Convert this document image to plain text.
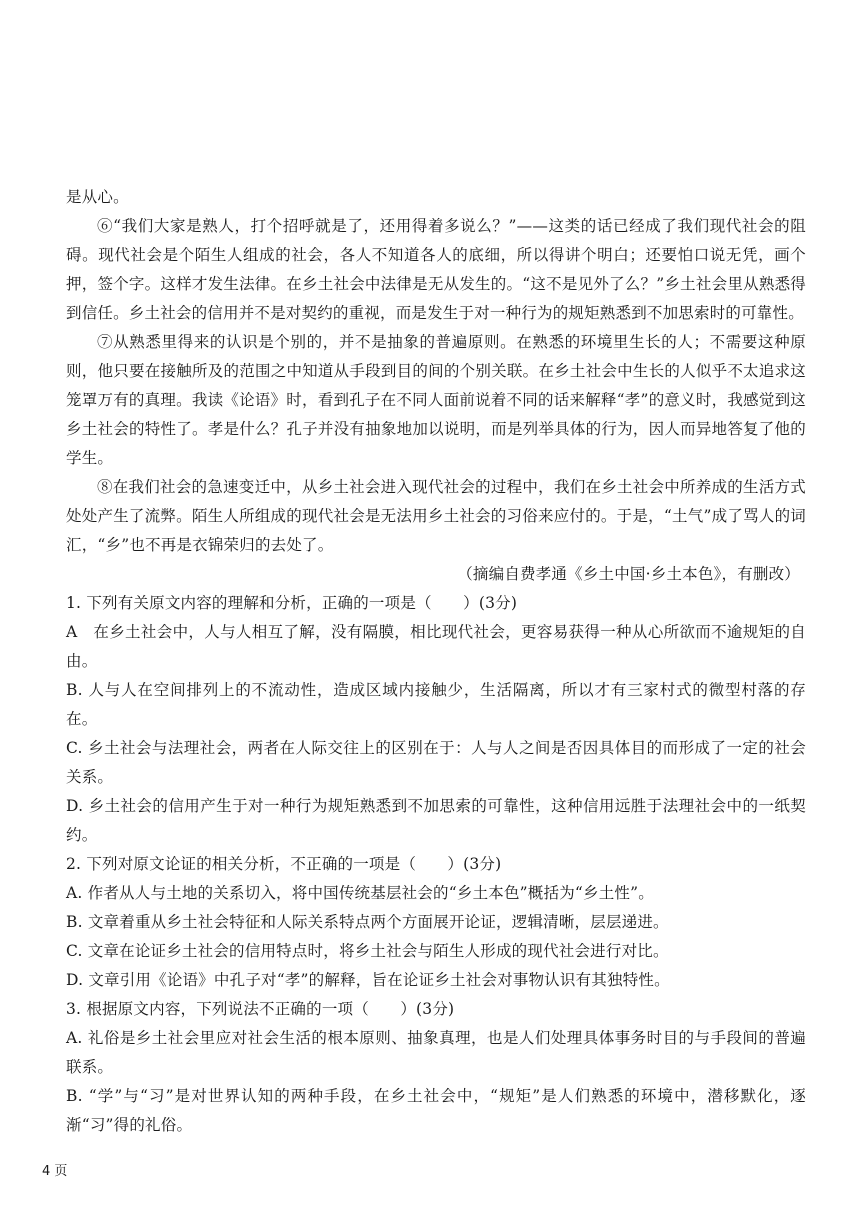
是从心。

⑥“我们大家是熟人，打个招呼就是了，还用得着多说么？”——这类的话已经成了我们现代社会的阻碍。现代社会是个陌生人组成的社会，各人不知道各人的底细，所以得讲个明白；还要怕口说无凭，画个押，签个字。这样才发生法律。在乡土社会中法律是无从发生的。“这不是见外了么？”乡土社会里从熟悉得到信任。乡土社会的信用并不是对契约的重视，而是发生于对一种行为的规矩熟悉到不加思索时的可靠性。

⑦从熟悉里得来的认识是个别的，并不是抽象的普遍原则。在熟悉的环境里生长的人；不需要这种原则，他只要在接触所及的范围之中知道从手段到目的间的个别关联。在乡土社会中生长的人似乎不太追求这笼罩万有的真理。我读《论语》时，看到孔子在不同人面前说着不同的话来解释“孝”的意义时，我感觉到这乡土社会的特性了。孝是什么？孔子并没有抽象地加以说明，而是列举具体的行为，因人而异地答复了他的学生。

⑧在我们社会的急速变迁中，从乡土社会进入现代社会的过程中，我们在乡土社会中所养成的生活方式处处产生了流弊。陌生人所组成的现代社会是无法用乡土社会的习俗来应付的。于是，“土气”成了骂人的词汇，“乡”也不再是衣锦荣归的去处了。

（摘编自费孝通《乡土中国·乡土本色》，有删改）

1. 下列有关原文内容的理解和分析，正确的一项是（　　）(3分)

A　在乡土社会中，人与人相互了解，没有隔膜，相比现代社会，更容易获得一种从心所欲而不逾规矩的自由。

B. 人与人在空间排列上的不流动性，造成区域内接触少，生活隔离，所以才有三家村式的微型村落的存在。

C. 乡土社会与法理社会，两者在人际交往上的区别在于：人与人之间是否因具体目的而形成了一定的社会关系。

D. 乡土社会的信用产生于对一种行为规矩熟悉到不加思索的可靠性，这种信用远胜于法理社会中的一纸契约。

2. 下列对原文论证的相关分析，不正确的一项是（　　）(3分)

A. 作者从人与土地的关系切入，将中国传统基层社会的“乡土本色”概括为“乡土性”。

B. 文章着重从乡土社会特征和人际关系特点两个方面展开论证，逻辑清晰，层层递进。

C. 文章在论证乡土社会的信用特点时，将乡土社会与陌生人形成的现代社会进行对比。

D. 文章引用《论语》中孔子对“孝”的解释，旨在论证乡土社会对事物认识有其独特性。

3. 根据原文内容，下列说法不正确的一项（　　）(3分)

A. 礼俗是乡土社会里应对社会生活的根本原则、抽象真理，也是人们处理具体事务时目的与手段间的普遍联系。

B. “学”与“习”是对世界认知的两种手段，在乡土社会中，“规矩”是人们熟悉的环境中，潜移默化，逐渐“习”得的礼俗。

4 页
